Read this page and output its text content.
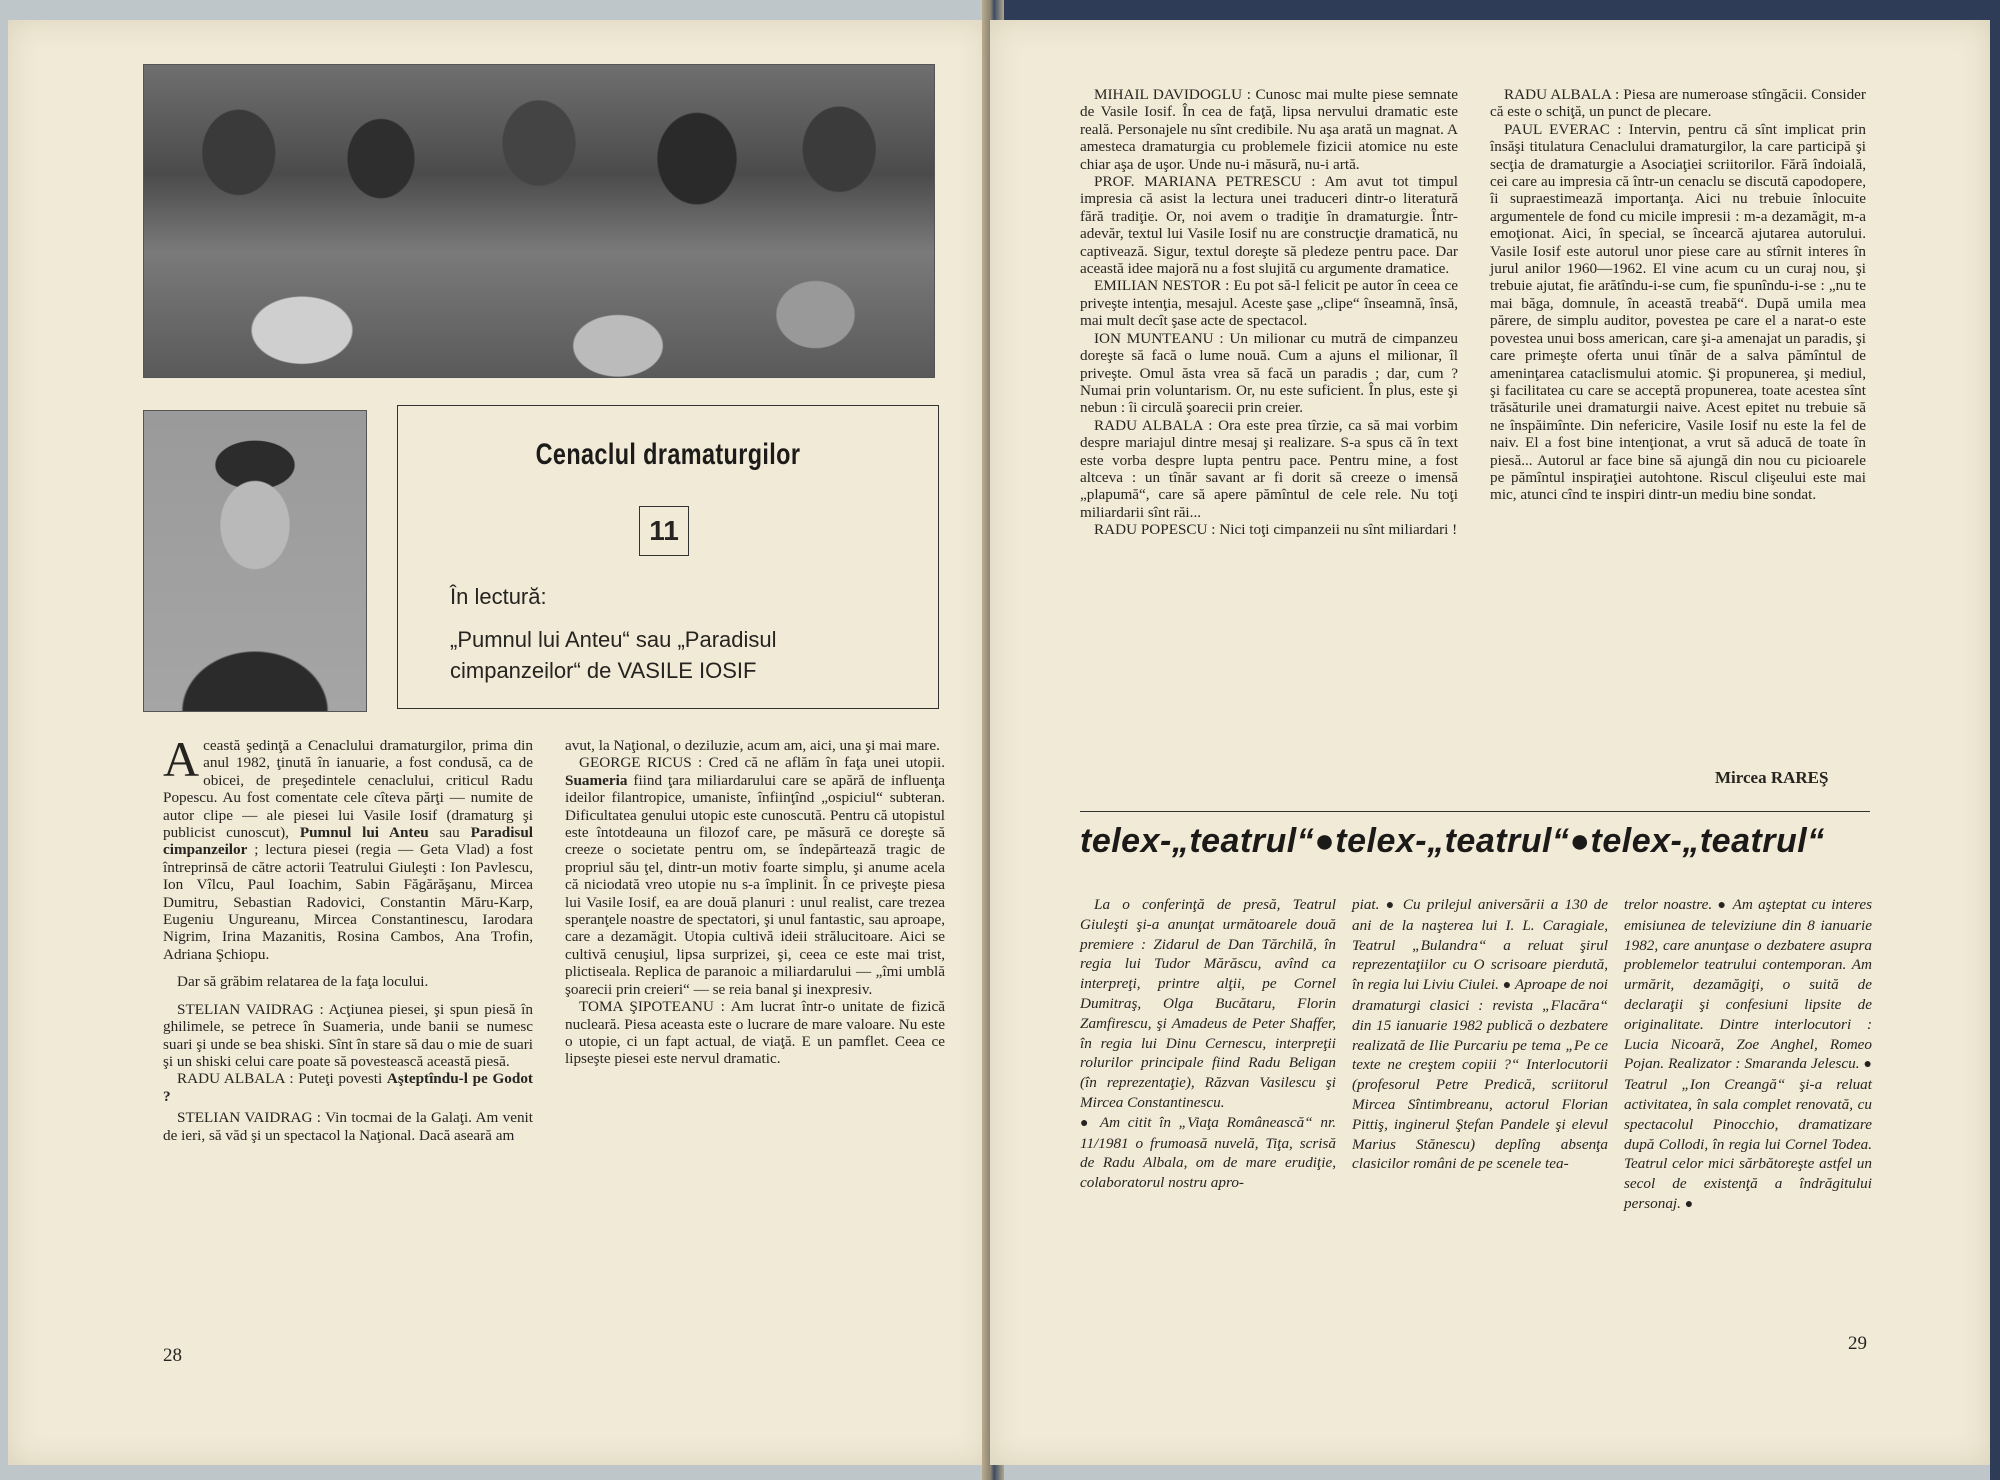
Cenaclul dramaturgilor
11
În lectură:
„Pumnul lui Anteu“ sau „Paradisul
cimpanzeilor“ de VASILE IOSIF

Această şedinţă a Cenaclului dramaturgilor, prima din anul 1982, ţinută în ianuarie, a fost condusă, ca de obicei, de preşedintele cenaclului, criticul Radu Popescu. Au fost comentate cele cîteva părţi — numite de autor clipe — ale piesei lui Vasile Iosif (dramaturg şi publicist cunoscut), Pumnul lui Anteu sau Paradisul cimpanzeilor ; lectura piesei (regia — Geta Vlad) a fost întreprinsă de către actorii Teatrului Giuleşti : Ion Pavlescu, Ion Vîlcu, Paul Ioachim, Sabin Făgărăşanu, Mircea Dumitru, Sebastian Radovici, Constantin Măru-Karp, Eugeniu Ungureanu, Mircea Constantinescu, Iarodara Nigrim, Irina Mazanitis, Rosina Cambos, Ana Trofin, Adriana Şchiopu.

Dar să grăbim relatarea de la faţa locului.

STELIAN VAIDRAG : Acţiunea piesei, şi spun piesă în ghilimele, se petrece în Suameria, unde banii se numesc suari şi unde se bea shiski. Sînt în stare să dau o mie de suari şi un shiski celui care poate să povestească această piesă.

RADU ALBALA : Puteţi povesti Aşteptîndu-l pe Godot ?

STELIAN VAIDRAG : Vin tocmai de la Galaţi. Am venit de ieri, să văd şi un spectacol la Naţional. Dacă aseară am

avut, la Naţional, o deziluzie, acum am, aici, una şi mai mare.

GEORGE RICUS : Cred că ne aflăm în faţa unei utopii. Suameria fiind ţara miliardarului care se apără de influenţa ideilor filantropice, umaniste, înfiinţînd „ospiciul“ subteran. Dificultatea genului utopic este cunoscută. Pentru că utopistul este întotdeauna un filozof care, pe măsură ce doreşte să creeze o societate pentru om, se îndepărtează tragic de propriul său ţel, dintr-un motiv foarte simplu, şi anume acela că niciodată vreo utopie nu s-a împlinit. În ce priveşte piesa lui Vasile Iosif, ea are două planuri : unul realist, care trezea speranţele noastre de spectatori, şi unul fantastic, sau aproape, care a dezamăgit. Utopia cultivă ideii strălucitoare. Aici se cultivă cenuşiul, lipsa surprizei, şi, ceea ce este mai trist, plictiseala. Replica de paranoic a miliardarului — „îmi umblă şoarecii prin creieri“ — se reia banal şi inexpresiv.

TOMA ŞIPOTEANU : Am lucrat într-o unitate de fizică nucleară. Piesa aceasta este o lucrare de mare valoare. Nu este o utopie, ci un fapt actual, de viaţă. E un pamflet. Ceea ce lipseşte piesei este nervul dramatic.

28

MIHAIL DAVIDOGLU : Cunosc mai multe piese semnate de Vasile Iosif. În cea de faţă, lipsa nervului dramatic este reală. Personajele nu sînt credibile. Nu aşa arată un magnat. A amesteca dramaturgia cu problemele fizicii atomice nu este chiar aşa de uşor. Unde nu-i măsură, nu-i artă.

PROF. MARIANA PETRESCU : Am avut tot timpul impresia că asist la lectura unei traduceri dintr-o literatură fără tradiţie. Or, noi avem o tradiţie în dramaturgie. Într-adevăr, textul lui Vasile Iosif nu are construcţie dramatică, nu captivează. Sigur, textul doreşte să pledeze pentru pace. Dar această idee majoră nu a fost slujită cu argumente dramatice.

EMILIAN NESTOR : Eu pot să-l felicit pe autor în ceea ce priveşte intenţia, mesajul. Aceste şase „clipe“ înseamnă, însă, mai mult decît şase acte de spectacol.

ION MUNTEANU : Un milionar cu mutră de cimpanzeu doreşte să facă o lume nouă. Cum a ajuns el milionar, îl priveşte. Omul ăsta vrea să facă un paradis ; dar, cum ? Numai prin voluntarism. Or, nu este suficient. În plus, este şi nebun : îi circulă şoarecii prin creier.

RADU ALBALA : Ora este prea tîrzie, ca să mai vorbim despre mariajul dintre mesaj şi realizare. S-a spus că în text este vorba despre lupta pentru pace. Pentru mine, a fost altceva : un tînăr savant ar fi dorit să creeze o imensă „plapumă“, care să apere pămîntul de cele rele. Nu toţi miliardarii sînt răi...

RADU POPESCU : Nici toţi cimpanzeii nu sînt miliardari !

RADU ALBALA : Piesa are numeroase stîngăcii. Consider că este o schiţă, un punct de plecare.

PAUL EVERAC : Intervin, pentru că sînt implicat prin însăşi titulatura Cenaclului dramaturgilor, la care participă şi secţia de dramaturgie a Asociaţiei scriitorilor. Fără îndoială, cei care au impresia că într-un cenaclu se discută capodopere, îi supraestimează importanţa. Aici nu trebuie înlocuite argumentele de fond cu micile impresii : m-a dezamăgit, m-a emoţionat. Aici, în special, se încearcă ajutarea autorului. Vasile Iosif este autorul unor piese care au stîrnit interes în jurul anilor 1960—1962. El vine acum cu un curaj nou, şi trebuie ajutat, fie arătîndu-i-se cum, fie spunîndu-i-se : „nu te mai băga, domnule, în această treabă“. După umila mea părere, de simplu auditor, povestea pe care el a narat-o este povestea unui boss american, care şi-a amenajat un paradis, şi care primeşte oferta unui tînăr de a salva pămîntul de ameninţarea cataclismului atomic. Şi propunerea, şi mediul, şi facilitatea cu care se acceptă propunerea, toate acestea sînt trăsăturile unei dramaturgii naive. Acest epitet nu trebuie să ne înspăimînte. Din nefericire, Vasile Iosif nu este la fel de naiv. El a fost bine intenţionat, a vrut să aducă de toate în piesă... Autorul ar face bine să ajungă din nou cu picioarele pe pămîntul inspiraţiei autohtone. Riscul clişeului este mai mic, atunci cînd te inspiri dintr-un mediu bine sondat.

Mircea RAREŞ
telex-„teatrul“●telex-„teatrul“●telex-„teatrul“

La o conferinţă de presă, Teatrul Giuleşti şi-a anunţat următoarele două premiere : Zidarul de Dan Tărchilă, în regia lui Tudor Mărăscu, avînd ca interpreţi, printre alţii, pe Cornel Dumitraş, Olga Bucătaru, Florin Zamfirescu, şi Amadeus de Peter Shaffer, în regia lui Dinu Cernescu, interpreţii rolurilor principale fiind Radu Beligan (în reprezentaţie), Răzvan Vasilescu şi Mircea Constantinescu.

● Am citit în „Viaţa Românească“ nr. 11/1981 o frumoasă nuvelă, Tiţa, scrisă de Radu Albala, om de mare erudiţie, colaboratorul nostru apro-

piat. ● Cu prilejul aniversării a 130 de ani de la naşterea lui I. L. Caragiale, Teatrul „Bulandra“ a reluat şirul reprezentaţiilor cu O scrisoare pierdută, în regia lui Liviu Ciulei. ● Aproape de noi dramaturgi clasici : revista „Flacăra“ din 15 ianuarie 1982 publică o dezbatere realizată de Ilie Purcariu pe tema „Pe ce texte ne creştem copiii ?“ Interlocutorii (profesorul Petre Predică, scriitorul Mircea Sîntimbreanu, actorul Florian Pittiş, inginerul Ştefan Pandele şi elevul Marius Stănescu) deplîng absenţa clasicilor români de pe scenele tea-

trelor noastre. ● Am aşteptat cu interes emisiunea de televiziune din 8 ianuarie 1982, care anunţase o dezbatere asupra problemelor teatrului contemporan. Am urmărit, dezamăgiţi, o suită de declaraţii şi confesiuni lipsite de originalitate. Dintre interlocutori : Lucia Nicoară, Zoe Anghel, Romeo Pojan. Realizator : Smaranda Jelescu. ● Teatrul „Ion Creangă“ şi-a reluat activitatea, în sala complet renovată, cu spectacolul Pinocchio, dramatizare după Collodi, în regia lui Cornel Todea. Teatrul celor mici sărbătoreşte astfel un secol de existenţă a îndrăgitului personaj. ●

29
